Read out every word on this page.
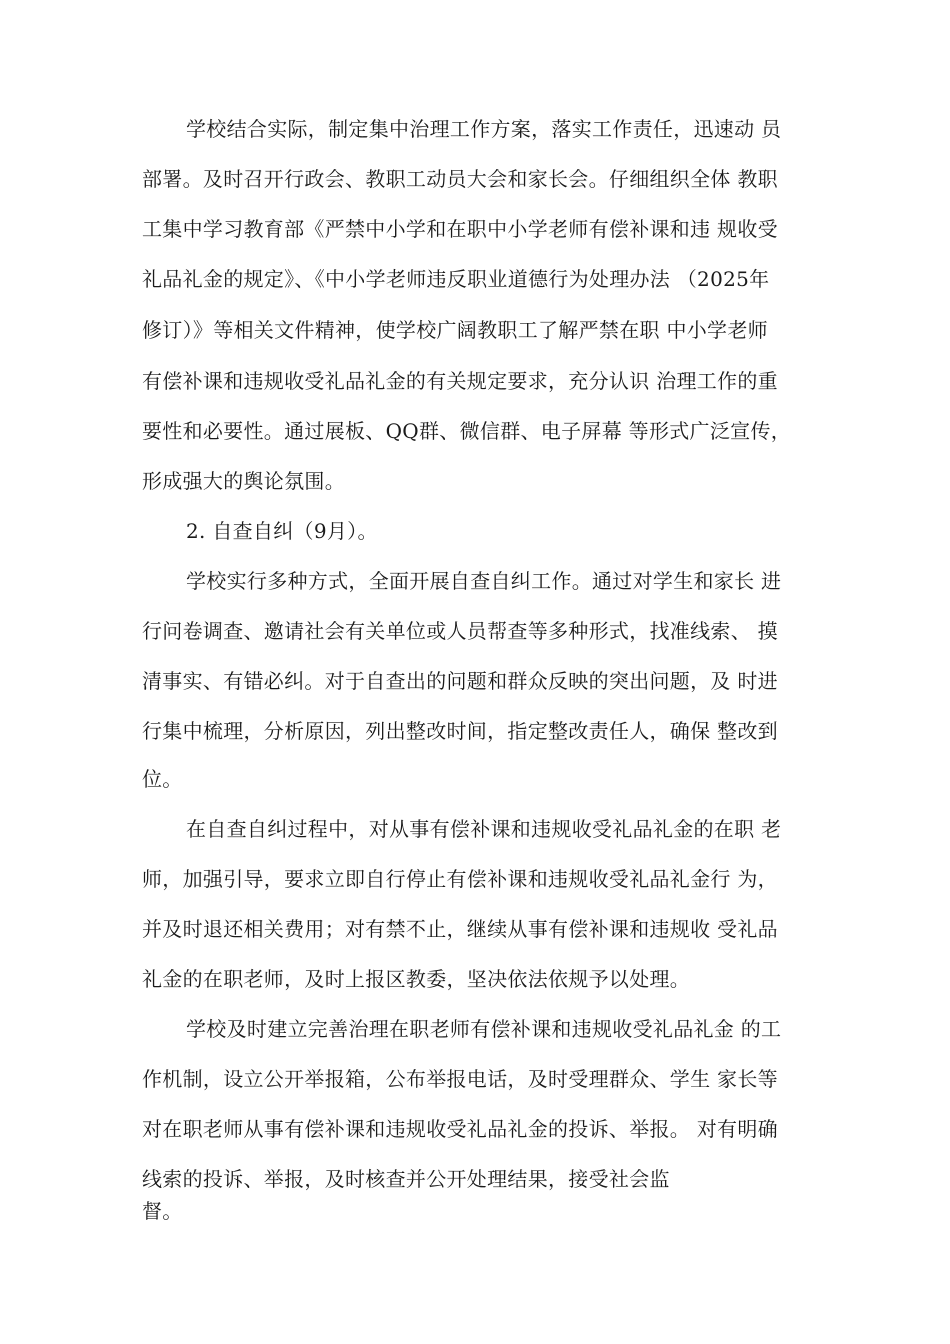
学校结合实际，制定集中治理工作方案，落实工作责任，迅速动 员
部署。及时召开行政会、教职工动员大会和家长会。仔细组织全体 教职
工集中学习教育部《严禁中小学和在职中小学老师有偿补课和违 规收受
礼品礼金的规定》、《中小学老师违反职业道德行为处理办法 （2025年
修订）》等相关文件精神，使学校广阔教职工了解严禁在职 中小学老师
有偿补课和违规收受礼品礼金的有关规定要求，充分认识 治理工作的重
要性和必要性。通过展板、QQ群、微信群、电子屏幕 等形式广泛宣传，
形成强大的舆论氛围。
2. 自查自纠（9月）。
学校实行多种方式，全面开展自查自纠工作。通过对学生和家长 进
行问卷调查、邀请社会有关单位或人员帮查等多种形式，找准线索、 摸
清事实、有错必纠。对于自查出的问题和群众反映的突出问题，及 时进
行集中梳理，分析原因，列出整改时间，指定整改责任人，确保 整改到
位。
在自查自纠过程中，对从事有偿补课和违规收受礼品礼金的在职 老
师，加强引导，要求立即自行停止有偿补课和违规收受礼品礼金行 为，
并及时退还相关费用；对有禁不止，继续从事有偿补课和违规收 受礼品
礼金的在职老师，及时上报区教委，坚决依法依规予以处理。
学校及时建立完善治理在职老师有偿补课和违规收受礼品礼金 的工
作机制，设立公开举报箱，公布举报电话，及时受理群众、学生 家长等
对在职老师从事有偿补课和违规收受礼品礼金的投诉、举报。 对有明确
线索的投诉、举报，及时核查并公开处理结果，接受社会监
督。
